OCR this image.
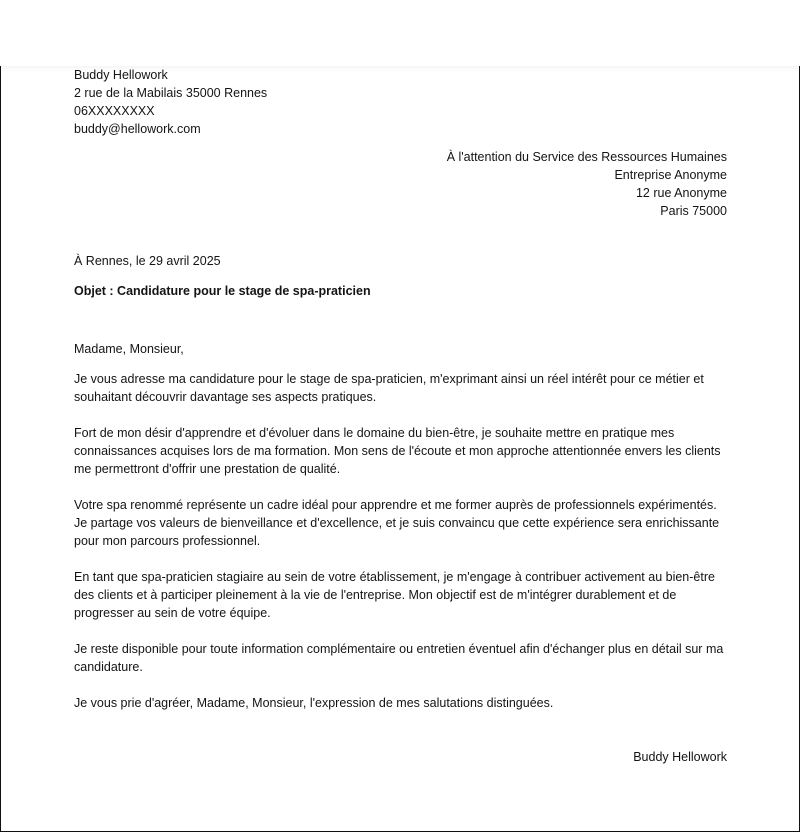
Buddy Hellowork
2 rue de la Mabilais 35000 Rennes
06XXXXXXXX
buddy@hellowork.com
À l'attention du Service des Ressources Humaines
Entreprise Anonyme
12 rue Anonyme
Paris 75000
À Rennes, le 29 avril 2025
Objet : Candidature pour le stage de spa-praticien
Madame, Monsieur,

Je vous adresse ma candidature pour le stage de spa-praticien, m'exprimant ainsi un réel intérêt pour ce métier et souhaitant découvrir davantage ses aspects pratiques.

Fort de mon désir d'apprendre et d'évoluer dans le domaine du bien-être, je souhaite mettre en pratique mes connaissances acquises lors de ma formation. Mon sens de l'écoute et mon approche attentionnée envers les clients me permettront d'offrir une prestation de qualité.

Votre spa renommé représente un cadre idéal pour apprendre et me former auprès de professionnels expérimentés. Je partage vos valeurs de bienveillance et d'excellence, et je suis convaincu que cette expérience sera enrichissante pour mon parcours professionnel.

En tant que spa-praticien stagiaire au sein de votre établissement, je m'engage à contribuer activement au bien-être des clients et à participer pleinement à la vie de l'entreprise. Mon objectif est de m'intégrer durablement et de progresser au sein de votre équipe.

Je reste disponible pour toute information complémentaire ou entretien éventuel afin d'échanger plus en détail sur ma candidature.

Je vous prie d'agréer, Madame, Monsieur, l'expression de mes salutations distinguées.
Buddy Hellowork
